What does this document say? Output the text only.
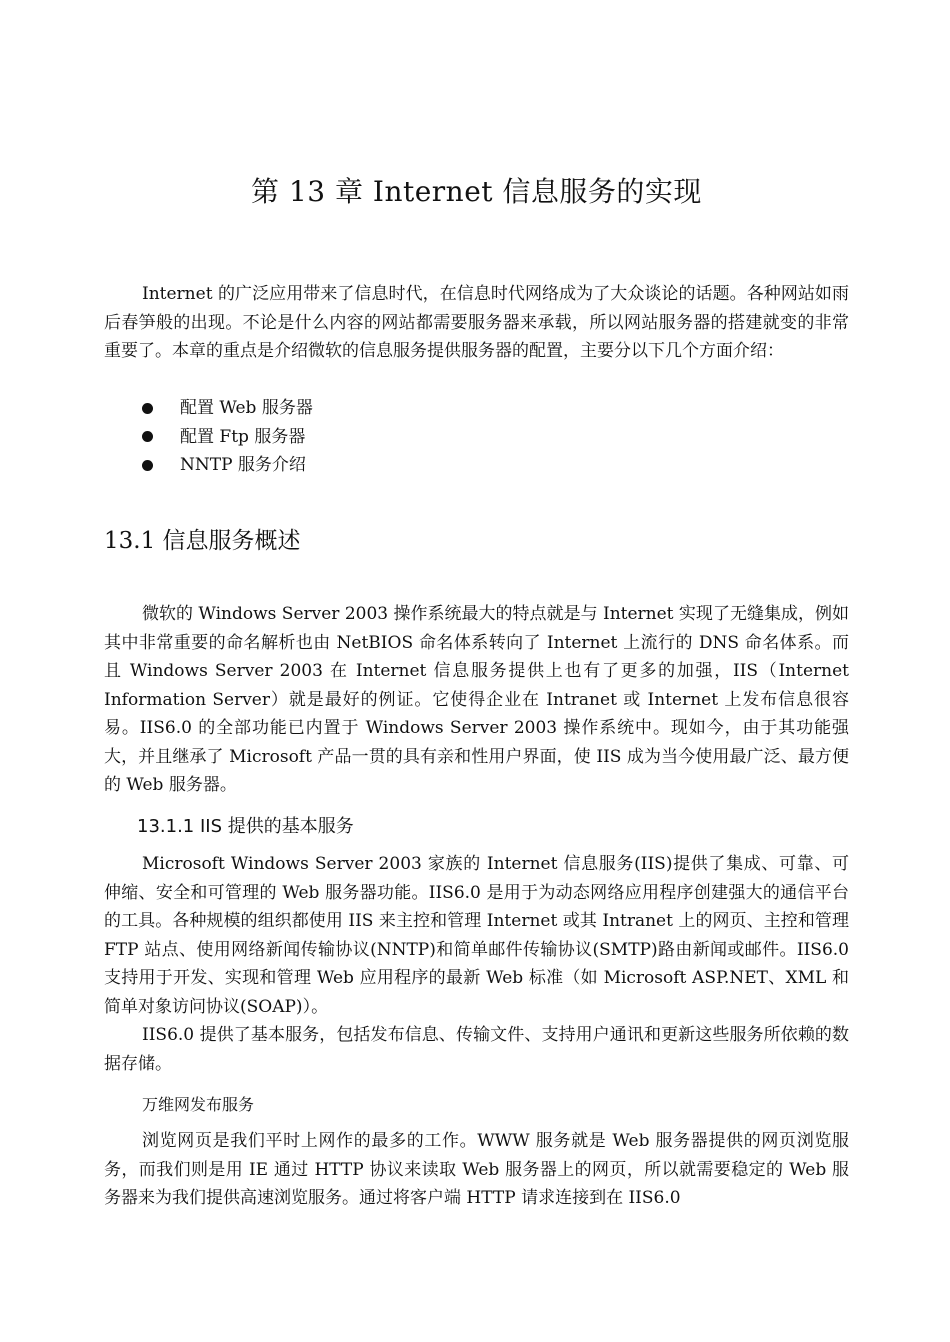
第 13 章 Internet 信息服务的实现

Internet 的广泛应用带来了信息时代，在信息时代网络成为了大众谈论的话题。各种网站如雨后春笋般的出现。不论是什么内容的网站都需要服务器来承载，所以网站服务器的搭建就变的非常重要了。本章的重点是介绍微软的信息服务提供服务器的配置，主要分以下几个方面介绍：

配置 Web 服务器
配置 Ftp 服务器
NNTP 服务介绍
13.1 信息服务概述

微软的 Windows Server 2003 操作系统最大的特点就是与 Internet 实现了无缝集成，例如其中非常重要的命名解析也由 NetBIOS 命名体系转向了 Internet 上流行的 DNS 命名体系。而且 Windows Server 2003 在 Internet 信息服务提供上也有了更多的加强，IIS（Internet Information Server）就是最好的例证。它使得企业在 Intranet 或 Internet 上发布信息很容易。IIS6.0 的全部功能已内置于 Windows Server 2003 操作系统中。现如今，由于其功能强大，并且继承了 Microsoft 产品一贯的具有亲和性用户界面，使 IIS 成为当今使用最广泛、最方便的 Web 服务器。

13.1.1 IIS 提供的基本服务

Microsoft Windows Server 2003 家族的 Internet 信息服务(IIS)提供了集成、可靠、可伸缩、安全和可管理的 Web 服务器功能。IIS6.0 是用于为动态网络应用程序创建强大的通信平台的工具。各种规模的组织都使用 IIS 来主控和管理 Internet 或其 Intranet 上的网页、主控和管理 FTP 站点、使用网络新闻传输协议(NNTP)和简单邮件传输协议(SMTP)路由新闻或邮件。IIS6.0 支持用于开发、实现和管理 Web 应用程序的最新 Web 标准（如 Microsoft ASP.NET、XML 和简单对象访问协议(SOAP)）。

IIS6.0 提供了基本服务，包括发布信息、传输文件、支持用户通讯和更新这些服务所依赖的数据存储。

万维网发布服务

浏览网页是我们平时上网作的最多的工作。WWW 服务就是 Web 服务器提供的网页浏览服务，而我们则是用 IE 通过 HTTP 协议来读取 Web 服务器上的网页，所以就需要稳定的 Web 服务器来为我们提供高速浏览服务。通过将客户端 HTTP 请求连接到在 IIS6.0
